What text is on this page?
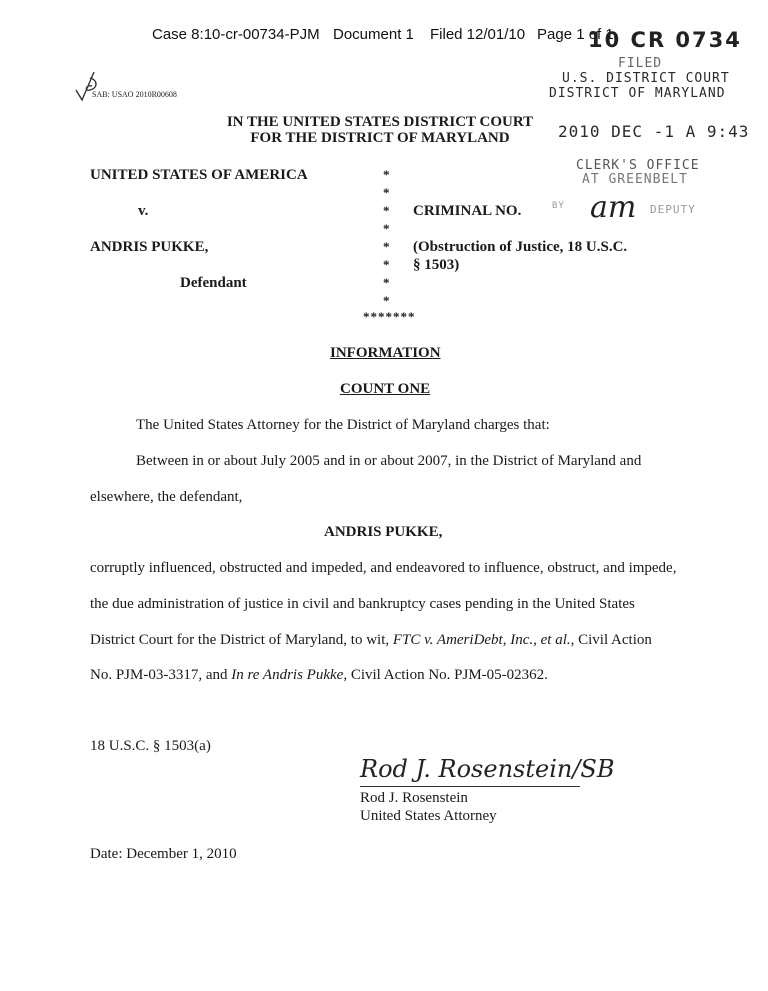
Case 8:10-cr-00734-PJM Document 1 Filed 12/01/10 Page 1 of 1
10 CR 0734
SAB: USAO 2010R00608
FILED
U.S. DISTRICT COURT
DISTRICT OF MARYLAND
2010 DEC -1 A 9:43
CLERK'S OFFICE
AT GREENBELT
BY am DEPUTY
IN THE UNITED STATES DISTRICT COURT
FOR THE DISTRICT OF MARYLAND
UNITED STATES OF AMERICA
v.
ANDRIS PUKKE,
Defendant
*
*
*
*
*
*
*
*
*******
CRIMINAL NO.
(Obstruction of Justice, 18 U.S.C.
§ 1503)
INFORMATION
COUNT ONE
The United States Attorney for the District of Maryland charges that:
Between in or about July 2005 and in or about 2007, in the District of Maryland and
elsewhere, the defendant,
ANDRIS PUKKE,
corruptly influenced, obstructed and impeded, and endeavored to influence, obstruct, and impede,
the due administration of justice in civil and bankruptcy cases pending in the United States
District Court for the District of Maryland, to wit, FTC v. AmeriDebt, Inc., et al., Civil Action
No. PJM-03-3317, and In re Andris Pukke, Civil Action No. PJM-05-02362.
18 U.S.C. § 1503(a)
Rod J. Rosenstein/SB
Rod J. Rosenstein
United States Attorney
Date: December 1, 2010
